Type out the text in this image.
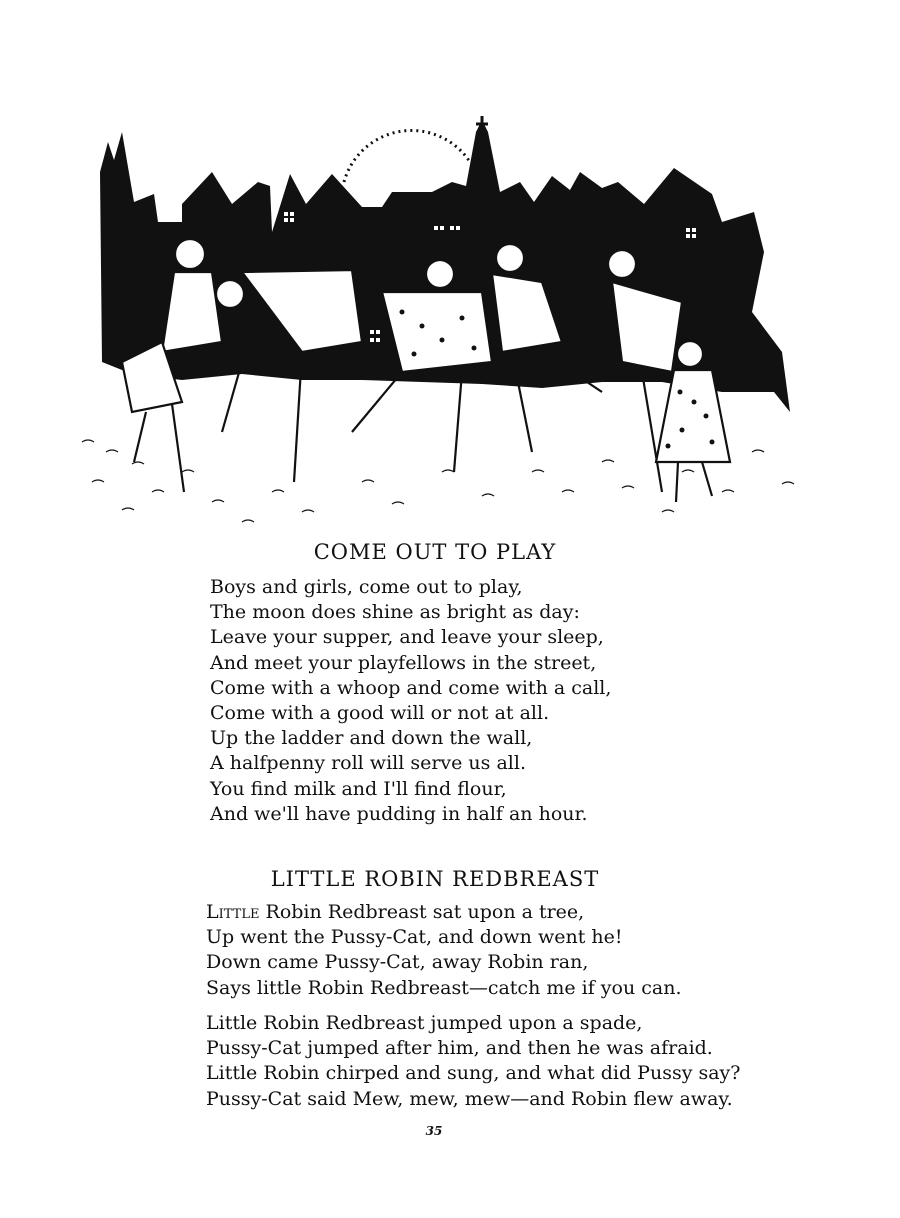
COME OUT TO PLAY
Boys and girls, come out to play,
The moon does shine as bright as day:
Leave your supper, and leave your sleep,
And meet your playfellows in the street,
Come with a whoop and come with a call,
Come with a good will or not at all.
Up the ladder and down the wall,
A halfpenny roll will serve us all.
You find milk and I'll find flour,
And we'll have pudding in half an hour.
LITTLE ROBIN REDBREAST
Little Robin Redbreast sat upon a tree,
Up went the Pussy-Cat, and down went he!
Down came Pussy-Cat, away Robin ran,
Says little Robin Redbreast—catch me if you can.
Little Robin Redbreast jumped upon a spade,
Pussy-Cat jumped after him, and then he was afraid.
Little Robin chirped and sung, and what did Pussy say?
Pussy-Cat said Mew, mew, mew—and Robin flew away.
35
